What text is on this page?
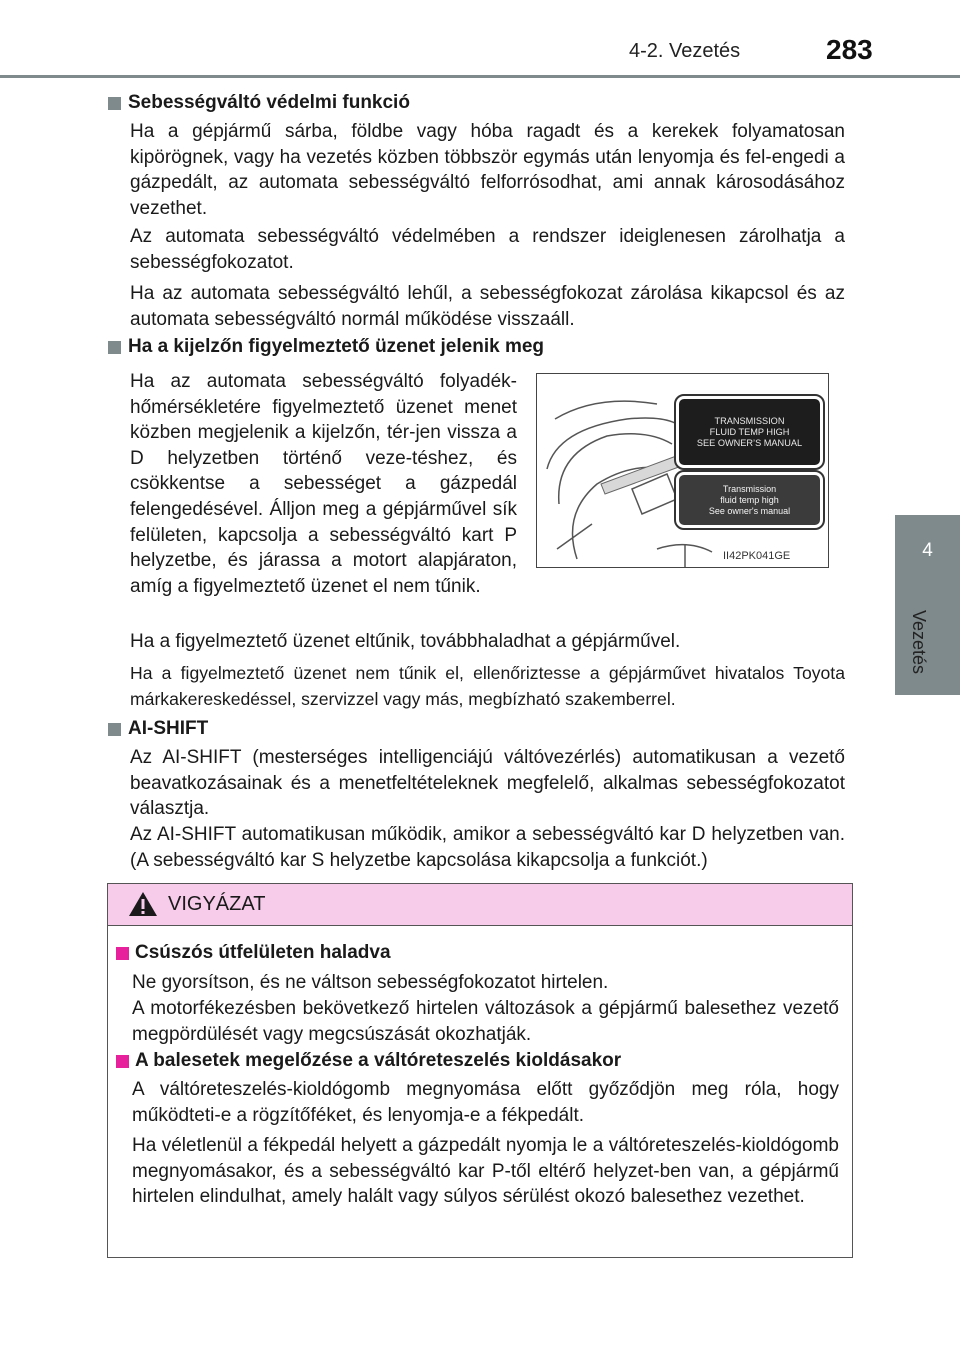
4-2. Vezetés	283
4
Vezetés
Sebességváltó védelmi funkció
Ha a gépjármű sárba, földbe vagy hóba ragadt és a kerekek folyamatosan kipörögnek, vagy ha vezetés közben többször egymás után lenyomja és fel-engedi a gázpedált, az automata sebességváltó felforrósodhat, ami annak károsodásához vezethet.
Az automata sebességváltó védelmében a rendszer ideiglenesen zárolhatja a sebességfokozatot.
Ha az automata sebességváltó lehűl, a sebességfokozat zárolása kikapcsol és az automata sebességváltó normál működése visszaáll.
Ha a kijelzőn figyelmeztető üzenet jelenik meg
Ha az automata sebességváltó folyadék-hőmérsékletére figyelmeztető üzenet menet közben megjelenik a kijelzőn, tér-jen vissza a D helyzetben történő veze-téshez, és csökkentse a sebességet a gázpedál felengedésével. Álljon meg a gépjárművel sík felületen, kapcsolja a sebességváltó kart P helyzetbe, és járassa a motort alapjáraton, amíg a figyelmeztető üzenet el nem tűnik.
II42PK041GE
TRANSMISSION
FLUID TEMP HIGH
SEE OWNER’S MANUAL
Transmission
fluid temp high
See owner's manual
Ha a figyelmeztető üzenet eltűnik, továbbhaladhat a gépjárművel.
Ha a figyelmeztető üzenet nem tűnik el, ellenőriztesse a gépjárművet hivatalos Toyota márkakereskedéssel, szervizzel vagy más, megbízható szakemberrel.
AI-SHIFT
Az AI-SHIFT (mesterséges intelligenciájú váltóvezérlés) automatikusan a vezető beavatkozásainak és a menetfeltételeknek megfelelő, alkalmas sebességfokozatot választja.
Az AI-SHIFT automatikusan működik, amikor a sebességváltó kar D helyzetben van. (A sebességváltó kar S helyzetbe kapcsolása kikapcsolja a funkciót.)
VIGYÁZAT
Csúszós útfelületen haladva
Ne gyorsítson, és ne váltson sebességfokozatot hirtelen.
A motorfékezésben bekövetkező hirtelen változások a gépjármű balesethez vezető megpördülését vagy megcsúszását okozhatják.
A balesetek megelőzése a váltóreteszelés kioldásakor
A váltóreteszelés-kioldógomb megnyomása előtt győződjön meg róla, hogy működteti-e a rögzítőféket, és lenyomja-e a fékpedált.
Ha véletlenül a fékpedál helyett a gázpedált nyomja le a váltóreteszelés-kioldógomb megnyomásakor, és a sebességváltó kar P-től eltérő helyzet-ben van, a gépjármű hirtelen elindulhat, amely halált vagy súlyos sérülést okozó balesethez vezethet.
